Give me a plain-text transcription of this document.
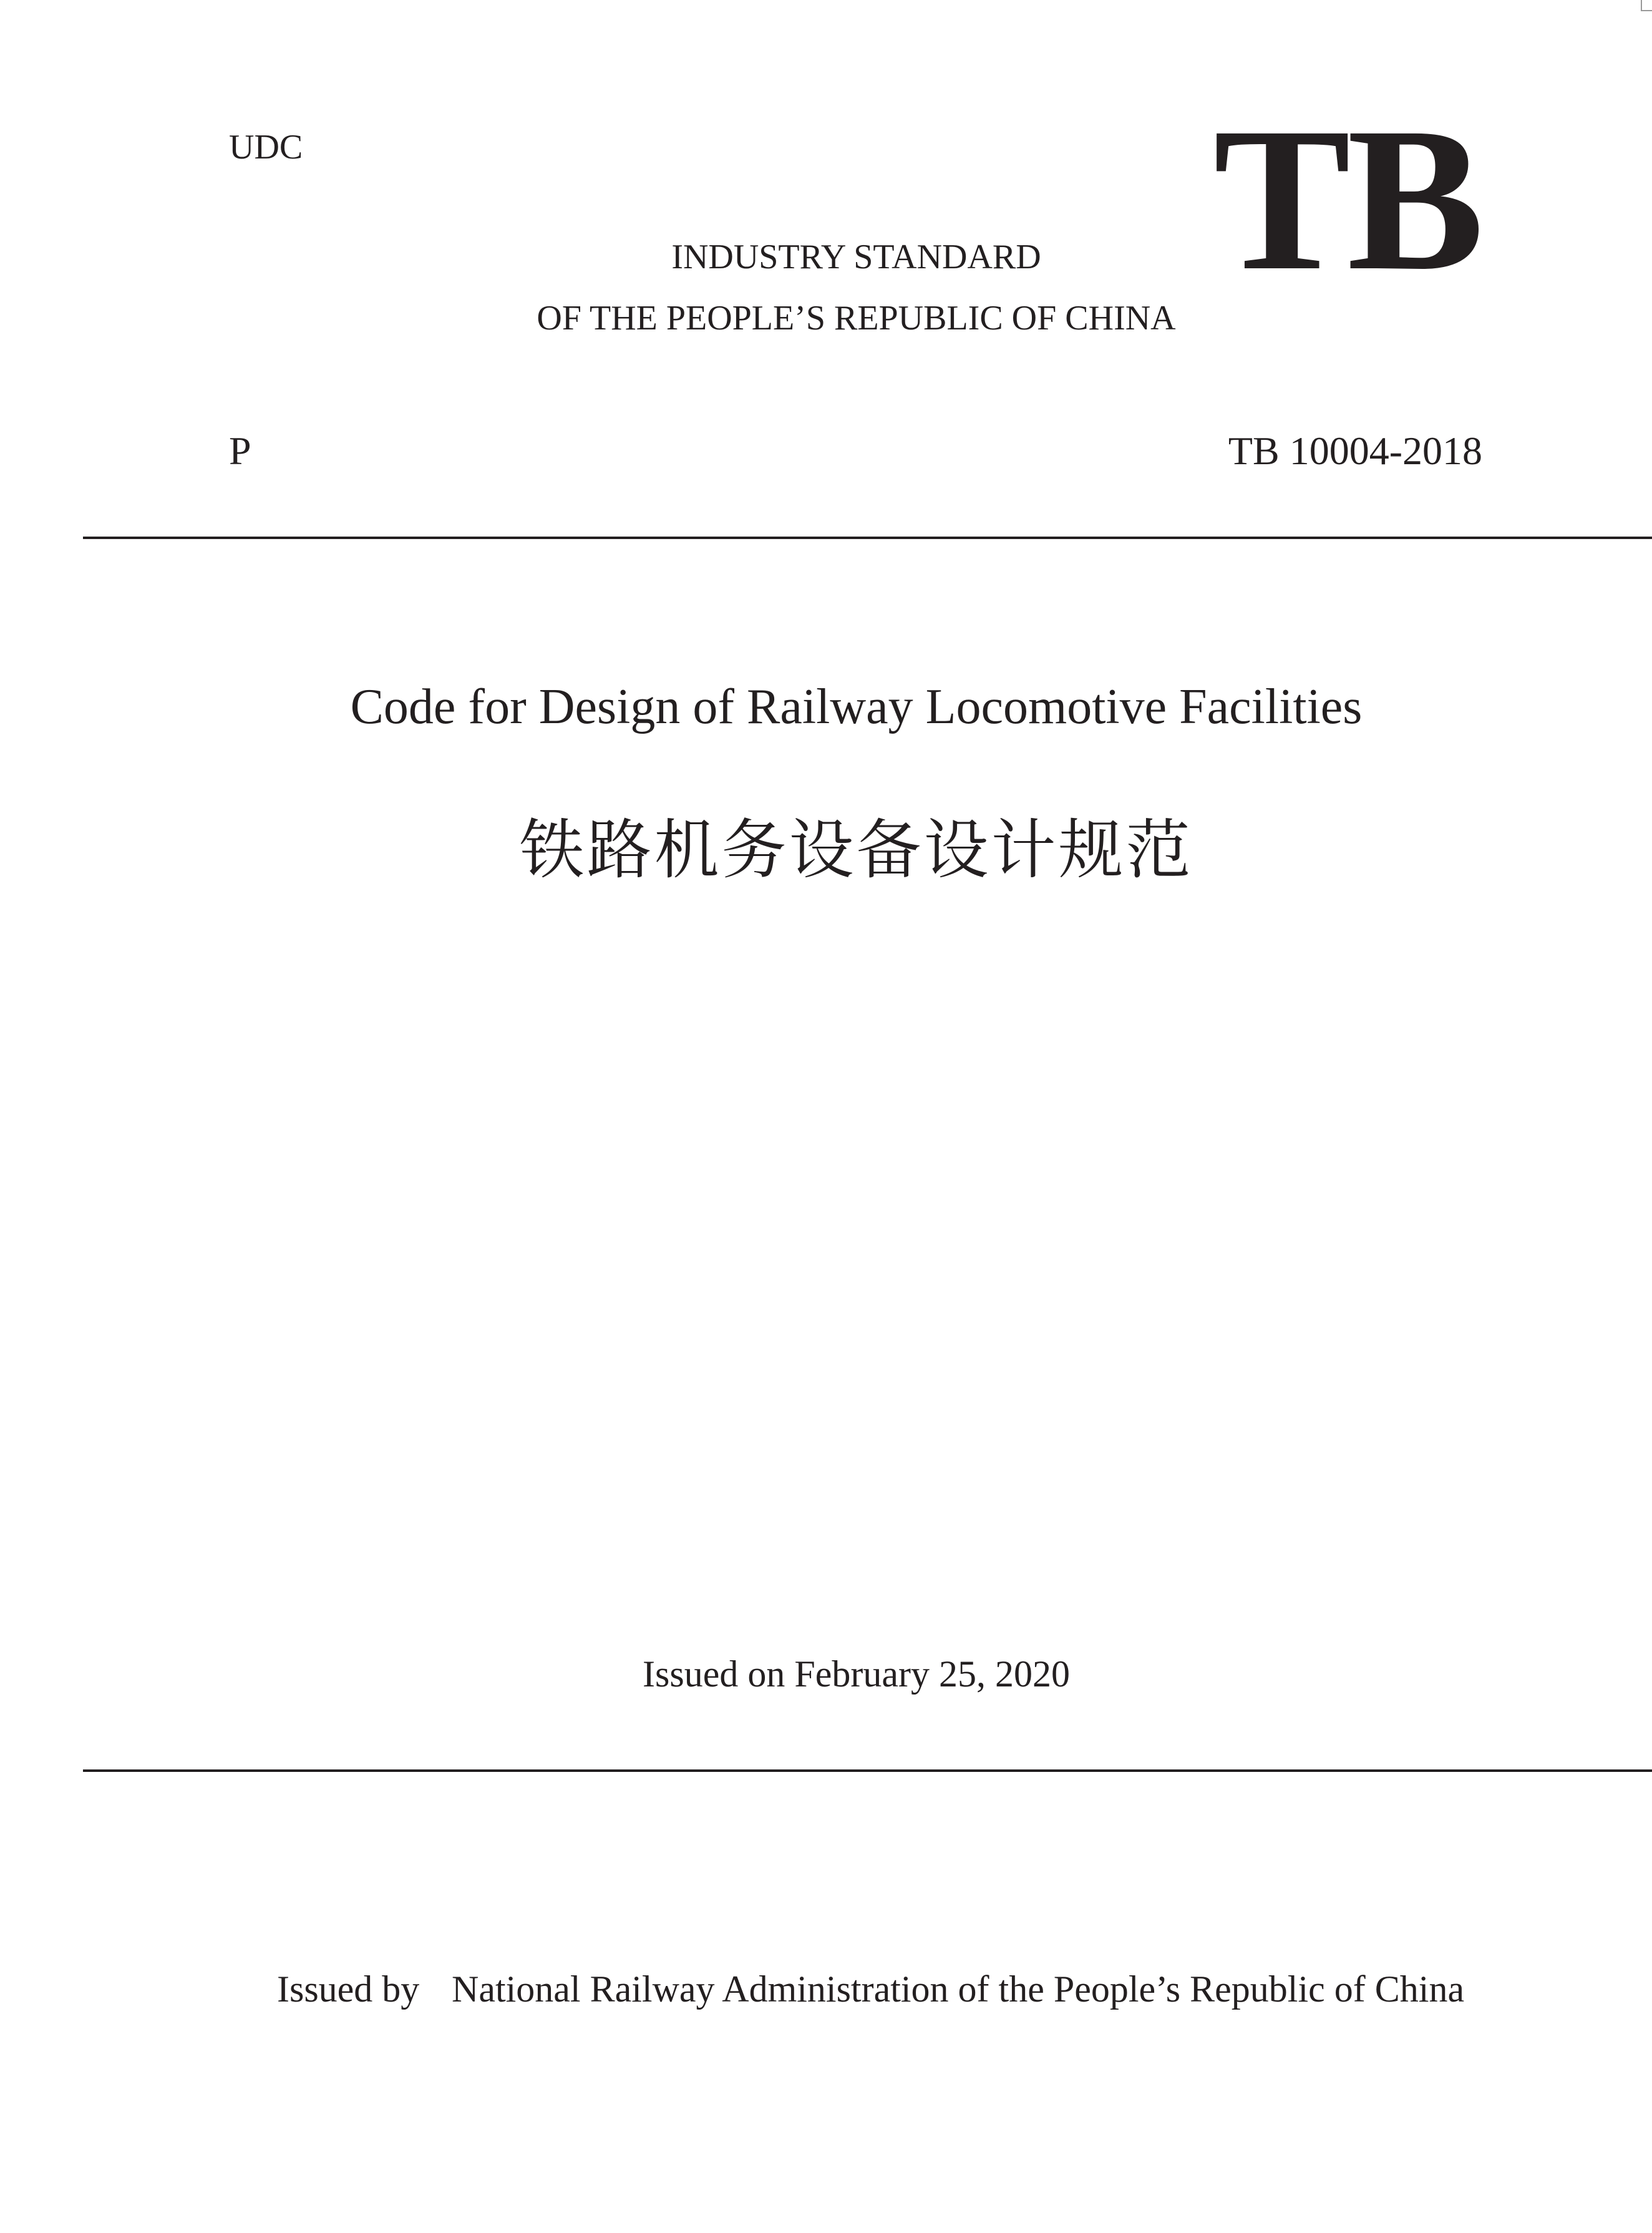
UDC	TB
INDUSTRY STANDARD
OF THE PEOPLE’S REPUBLIC OF CHINA
P	TB 10004-2018
Code for Design of Railway Locomotive Facilities
铁路机务设备设计规范
Issued on February 25, 2020
Issued by National Railway Administration of the People’s Republic of China
